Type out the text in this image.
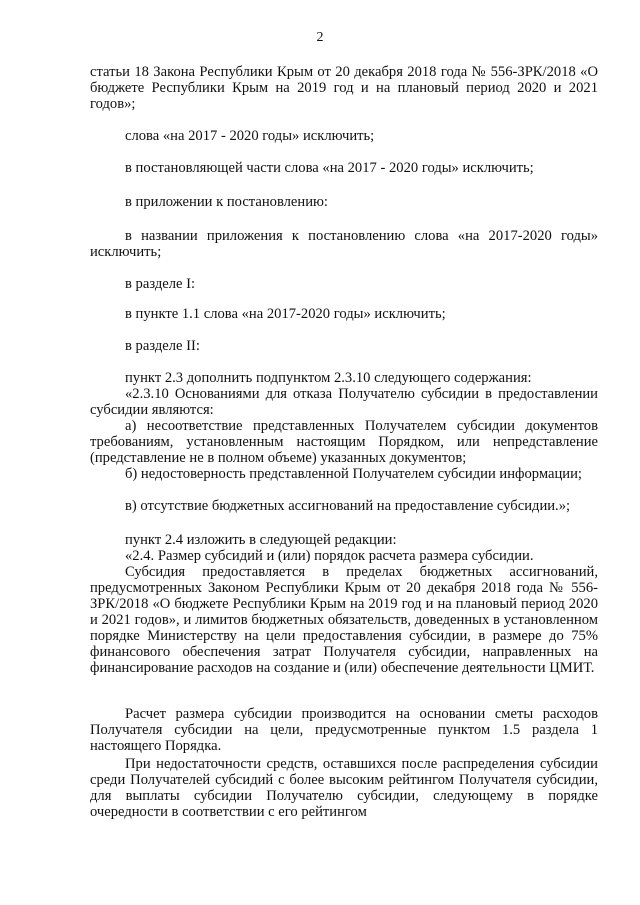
2

статьи 18 Закона Республики Крым от 20 декабря 2018 года № 556-ЗРК/2018 «О бюджете Республики Крым на 2019 год и на плановый период 2020 и 2021 годов»;

слова «на 2017 - 2020 годы» исключить;

в постановляющей части слова «на 2017 - 2020 годы» исключить;

в приложении к постановлению:

в названии приложения к постановлению слова «на 2017-2020 годы» исключить;

в разделе I:

в пункте 1.1 слова «на 2017-2020 годы» исключить;

в разделе II:

пункт 2.3 дополнить подпунктом 2.3.10 следующего содержания:

«2.3.10 Основаниями для отказа Получателю субсидии в предоставлении субсидии являются:

а) несоответствие представленных Получателем субсидии документов требованиям, установленным настоящим Порядком, или непредставление (представление не в полном объеме) указанных документов;

б) недостоверность представленной Получателем субсидии информации;

в) отсутствие бюджетных ассигнований на предоставление субсидии.»;

пункт 2.4 изложить в следующей редакции:

«2.4. Размер субсидий и (или) порядок расчета размера субсидии.

Субсидия предоставляется в пределах бюджетных ассигнований, предусмотренных Законом Республики Крым от 20 декабря 2018 года № 556-ЗРК/2018 «О бюджете Республики Крым на 2019 год и на плановый период 2020 и 2021 годов», и лимитов бюджетных обязательств, доведенных в установленном порядке Министерству на цели предоставления субсидии, в размере до 75% финансового обеспечения затрат Получателя субсидии, направленных на финансирование расходов на создание и (или) обеспечение деятельности ЦМИТ.

Расчет размера субсидии производится на основании сметы расходов Получателя субсидии на цели, предусмотренные пунктом 1.5 раздела 1 настоящего Порядка.

При недостаточности средств, оставшихся после распределения субсидии среди Получателей субсидий с более высоким рейтингом Получателя субсидии, для выплаты субсидии Получателю субсидии, следующему в порядке очередности в соответствии с его рейтингом
